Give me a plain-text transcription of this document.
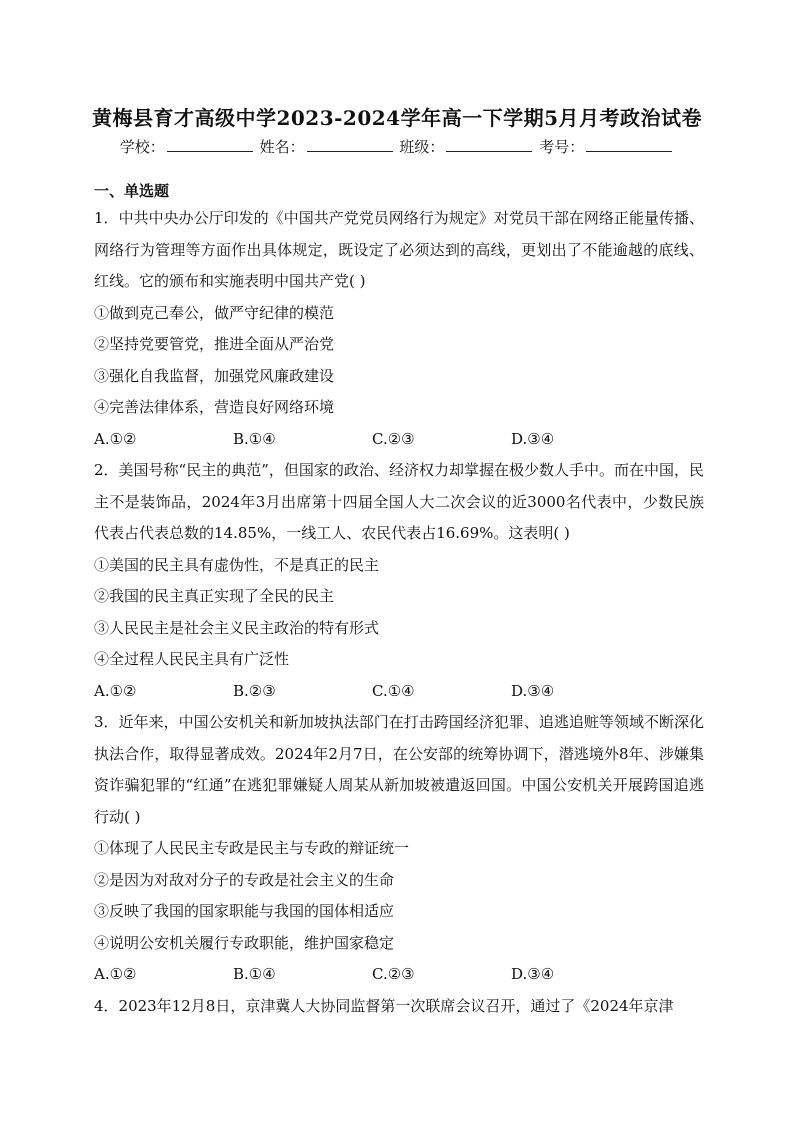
黄梅县育才高级中学2023-2024学年高一下学期5月月考政治试卷
学校：	姓名：	班级：	考号：
一、单选题

1．中共中央办公厅印发的《中国共产党党员网络行为规定》对党员干部在网络正能量传播、网络行为管理等方面作出具体规定，既设定了必须达到的高线，更划出了不能逾越的底线、红线。它的颁布和实施表明中国共产党( )

①做到克己奉公，做严守纪律的模范

②坚持党要管党，推进全面从严治党

③强化自我监督，加强党风廉政建设

④完善法律体系，营造良好网络环境

A.①②	B.①④	C.②③	D.③④

2．美国号称“民主的典范”，但国家的政治、经济权力却掌握在极少数人手中。而在中国，民主不是装饰品，2024年3月出席第十四届全国人大二次会议的近3000名代表中，少数民族代表占代表总数的14.85%，一线工人、农民代表占16.69%。这表明( )

①美国的民主具有虚伪性，不是真正的民主

②我国的民主真正实现了全民的民主

③人民民主是社会主义民主政治的特有形式

④全过程人民民主具有广泛性

A.①②	B.②③	C.①④	D.③④

3．近年来，中国公安机关和新加坡执法部门在打击跨国经济犯罪、追逃追赃等领域不断深化执法合作，取得显著成效。2024年2月7日，在公安部的统筹协调下，潜逃境外8年、涉嫌集资诈骗犯罪的“红通”在逃犯罪嫌疑人周某从新加坡被遣返回国。中国公安机关开展跨国追逃行动( )

①体现了人民民主专政是民主与专政的辩证统一

②是因为对敌对分子的专政是社会主义的生命

③反映了我国的国家职能与我国的国体相适应

④说明公安机关履行专政职能，维护国家稳定

A.①②	B.①④	C.②③	D.③④

4．2023年12月8日，京津冀人大协同监督第一次联席会议召开，通过了《2024年京津
